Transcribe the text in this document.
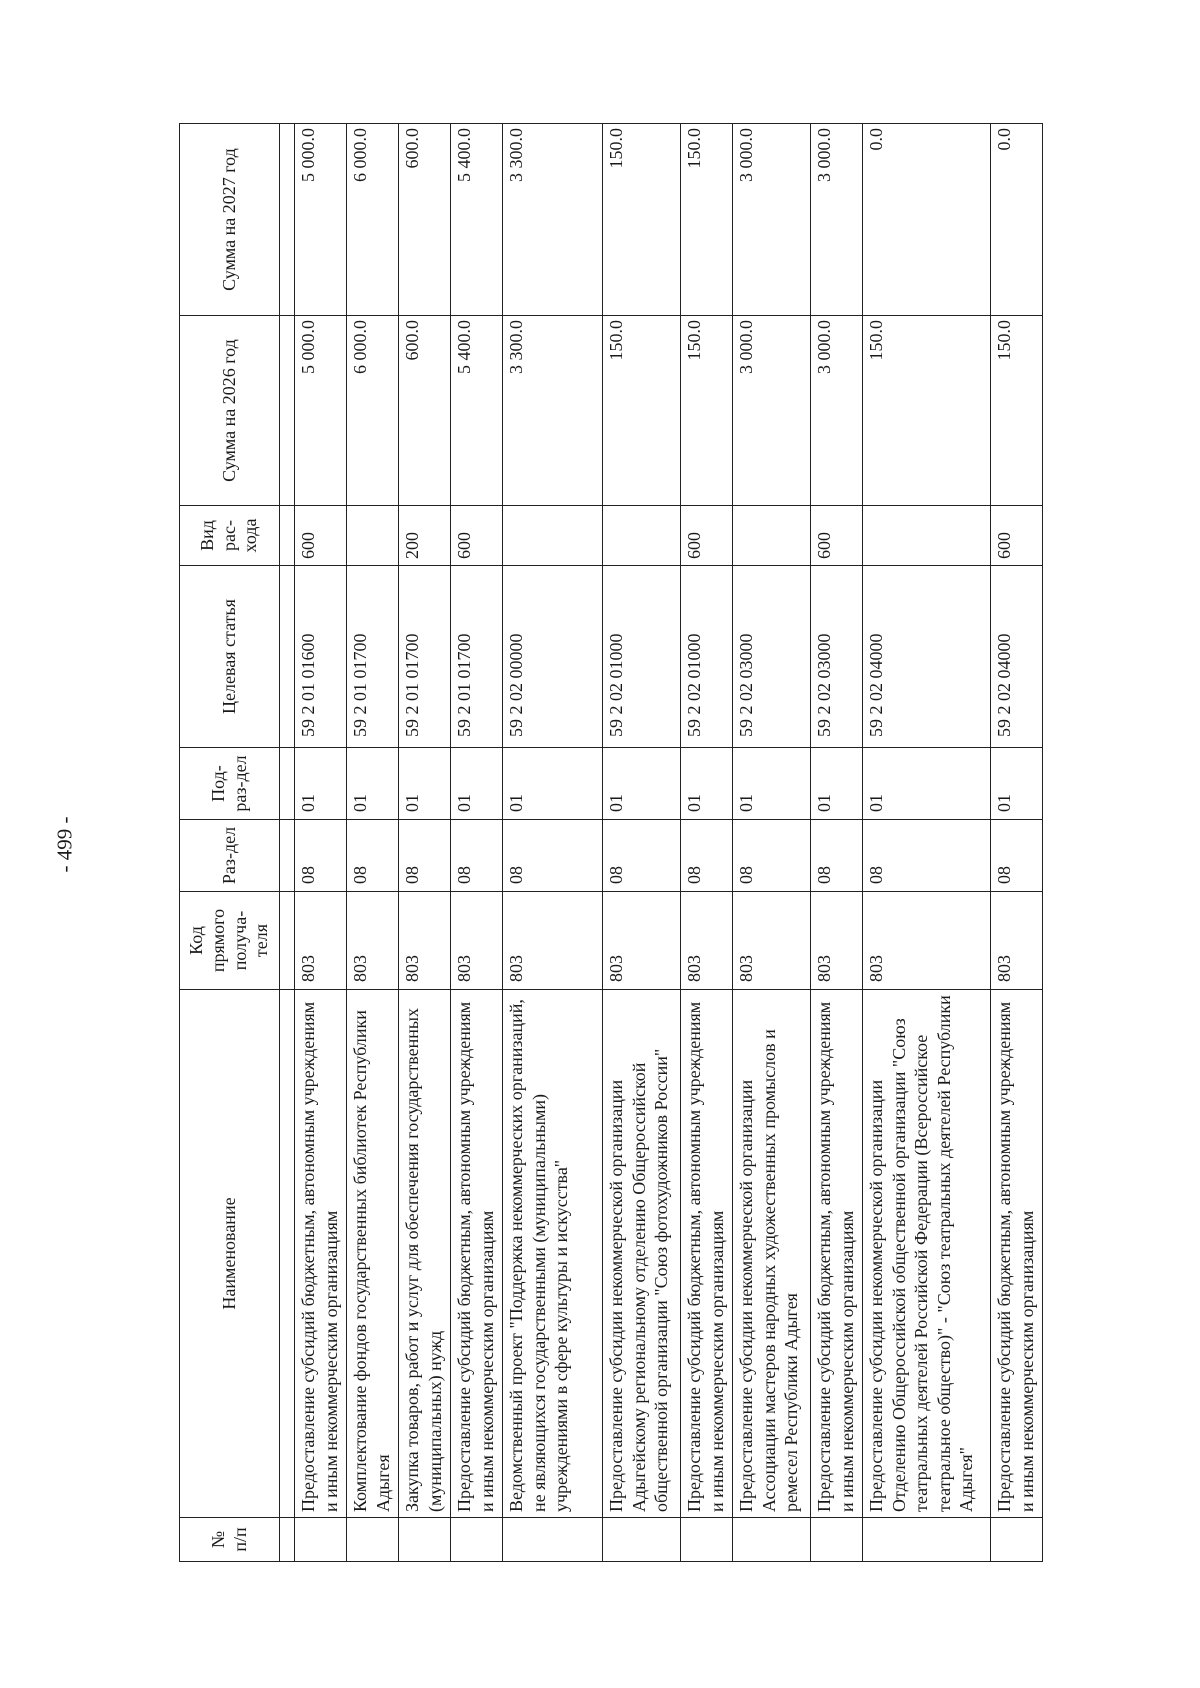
- 499 -
№ п/п	Наименование	Код прямого получа-теля	Раз-дел	Под-раз-дел	Целевая статья	Вид рас-хода	Сумма на 2026 год	Сумма на 2027 год

	Предоставление субсидий бюджетным, автономным учреждениям и иным некоммерческим организациям	803	08	01	59 2 01 01600	600	5 000.0	5 000.0
	Комплектование фондов государственных библиотек Республики Адыгея	803	08	01	59 2 01 01700		6 000.0	6 000.0
	Закупка товаров, работ и услуг для обеспечения государственных (муниципальных) нужд	803	08	01	59 2 01 01700	200	600.0	600.0
	Предоставление субсидий бюджетным, автономным учреждениям и иным некоммерческим организациям	803	08	01	59 2 01 01700	600	5 400.0	5 400.0
	Ведомственный проект "Поддержка некоммерческих организаций, не являющихся государственными (муниципальными) учреждениями в сфере культуры и искусства"	803	08	01	59 2 02 00000		3 300.0	3 300.0
	Предоставление субсидии некоммерческой организации Адыгейскому региональному отделению Общероссийской общественной организации "Союз фотохудожников России"	803	08	01	59 2 02 01000		150.0	150.0
	Предоставление субсидий бюджетным, автономным учреждениям и иным некоммерческим организациям	803	08	01	59 2 02 01000	600	150.0	150.0
	Предоставление субсидии некоммерческой организации Ассоциации мастеров народных художественных промыслов и ремесел Республики Адыгея	803	08	01	59 2 02 03000		3 000.0	3 000.0
	Предоставление субсидий бюджетным, автономным учреждениям и иным некоммерческим организациям	803	08	01	59 2 02 03000	600	3 000.0	3 000.0
	Предоставление субсидии некоммерческой организации Отделению Общероссийской общественной организации "Союз театральных деятелей Российской Федерации (Всероссийское театральное общество)" - "Союз театральных деятелей Республики Адыгея"	803	08	01	59 2 02 04000		150.0	0.0
	Предоставление субсидий бюджетным, автономным учреждениям и иным некоммерческим организациям	803	08	01	59 2 02 04000	600	150.0	0.0
